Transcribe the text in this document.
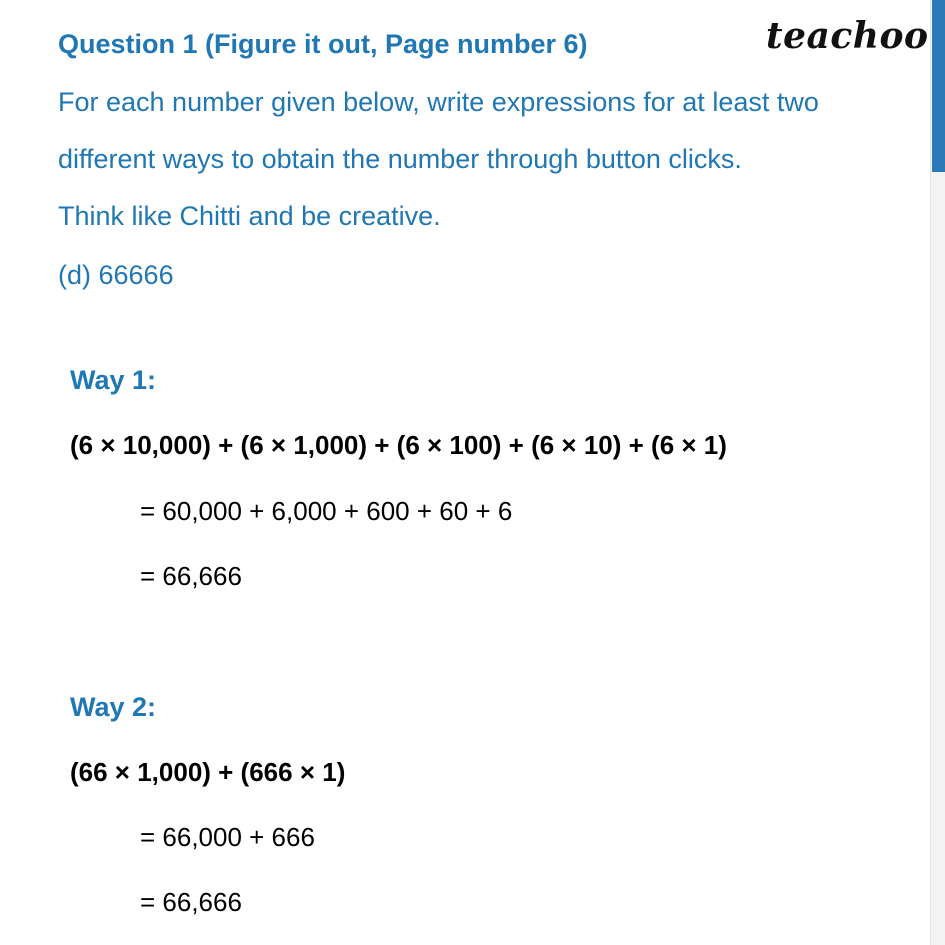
Question 1 (Figure it out, Page number 6)	teachoo
For each number given below, write expressions for at least two
different ways to obtain the number through button clicks.
Think like Chitti and be creative.
(d) 66666
Way 1:
(6 × 10,000) + (6 × 1,000) + (6 × 100) + (6 × 10) + (6 × 1)
= 60,000 + 6,000 + 600 + 60 + 6
= 66,666
Way 2:
(66 × 1,000) + (666 × 1)
= 66,000 + 666
= 66,666
